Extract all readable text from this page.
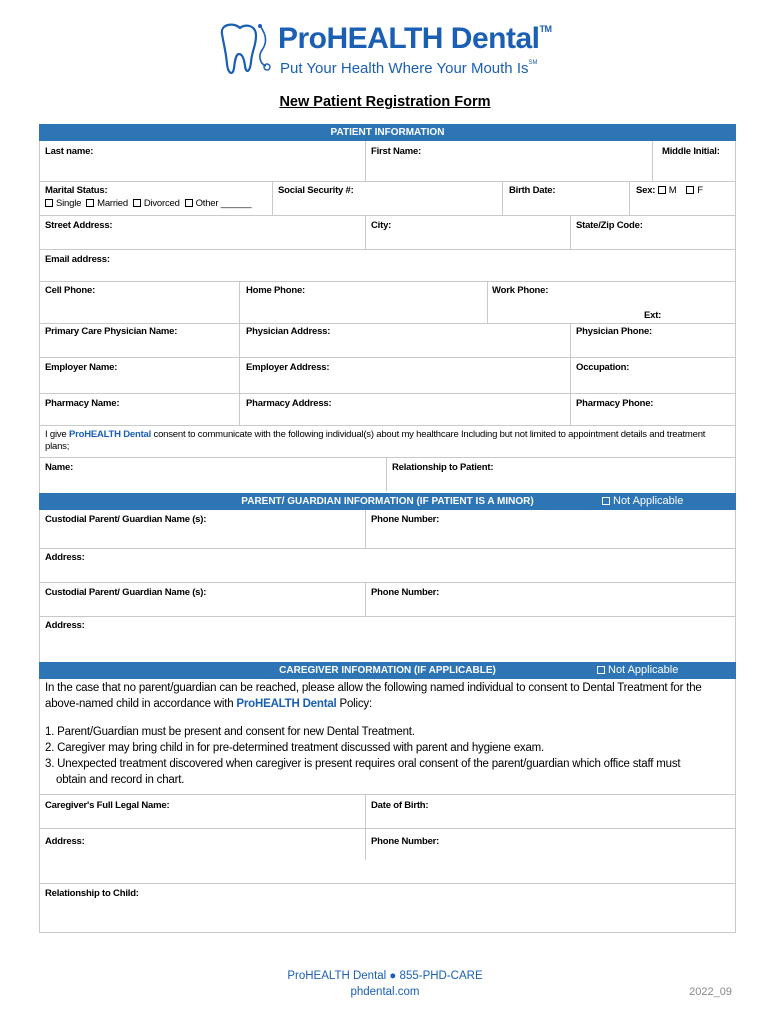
ProHEALTH Dental™
Put Your Health Where Your Mouth Is℠
New Patient Registration Form
PATIENT INFORMATION
Last name:	First Name:	Middle Initial:
Marital Status:
Single Married Divorced Other ______
Social Security #:	Birth Date:	Sex: M F
Street Address:	City:	State/Zip Code:
Email address:
Cell Phone:	Home Phone:	Work Phone:
Ext:
Primary Care Physician Name:	Physician Address:	Physician Phone:
Employer Name:	Employer Address:	Occupation:
Pharmacy Name:	Pharmacy Address:	Pharmacy Phone:
I give ProHEALTH Dental consent to communicate with the following individual(s) about my healthcare Including but not limited to appointment details and treatment plans;
Name:	Relationship to Patient:
PARENT/ GUARDIAN INFORMATION (IF PATIENT IS A MINOR)	Not Applicable
Custodial Parent/ Guardian Name (s):	Phone Number:
Address:
Custodial Parent/ Guardian Name (s):	Phone Number:
Address:
CAREGIVER INFORMATION (IF APPLICABLE)	Not Applicable
In the case that no parent/guardian can be reached, please allow the following named individual to consent to Dental Treatment for the above-named child in accordance with ProHEALTH Dental Policy:
1. Parent/Guardian must be present and consent for new Dental Treatment.
2. Caregiver may bring child in for pre-determined treatment discussed with parent and hygiene exam.
3. Unexpected treatment discovered when caregiver is present requires oral consent of the parent/guardian which office staff must
obtain and record in chart.
Caregiver's Full Legal Name:	Date of Birth:
Address:	Phone Number:
Relationship to Child:
ProHEALTH Dental ● 855-PHD-CARE
phdental.com	2022_09
